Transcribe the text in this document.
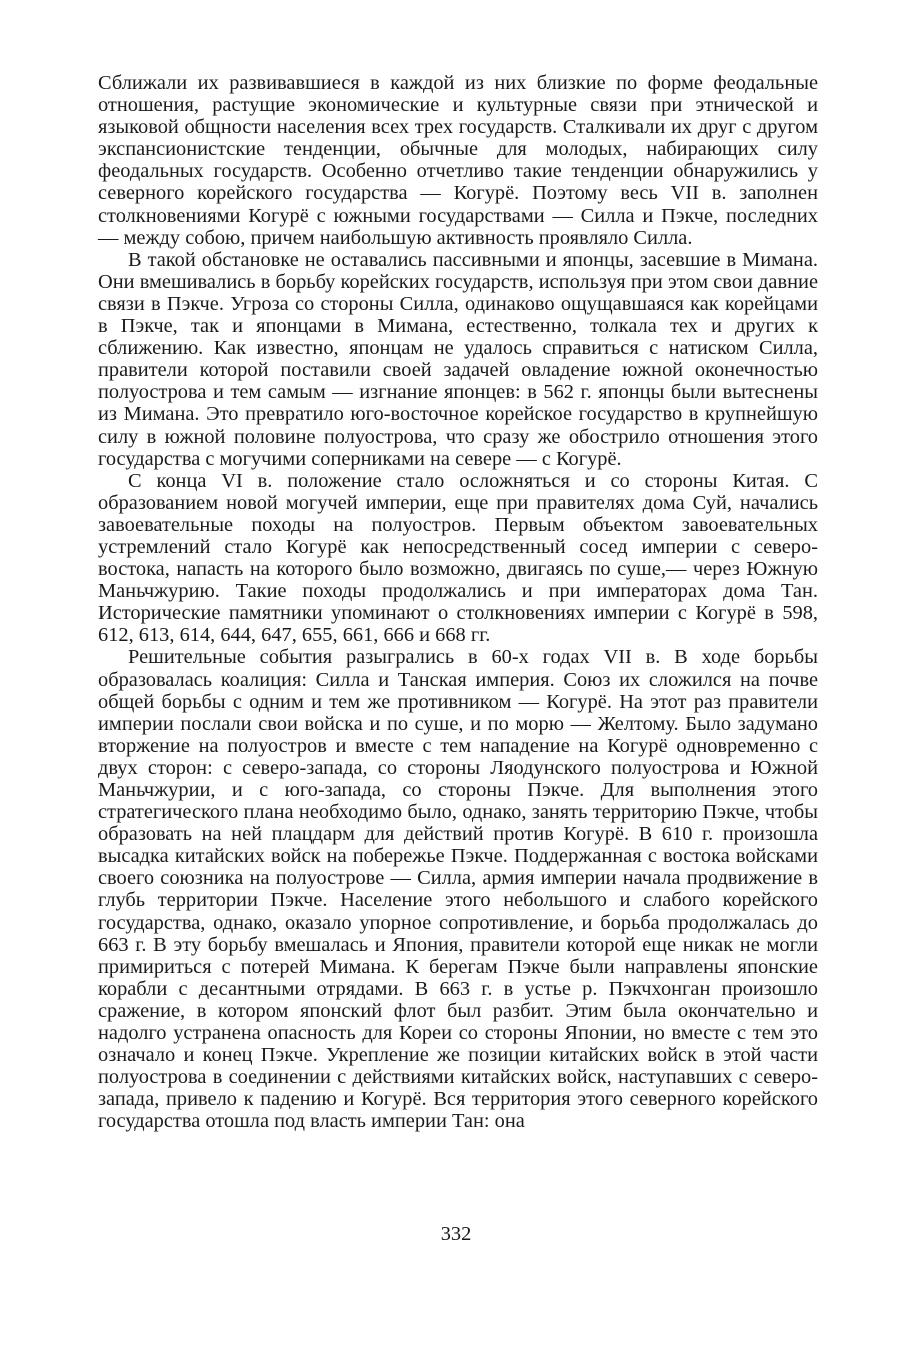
Сближали их развивавшиеся в каждой из них близкие по форме феодальные отношения, растущие экономические и культурные связи при этнической и языковой общности населения всех трех государств. Сталкивали их друг с другом экспансионистские тенденции, обычные для молодых, набирающих силу феодальных государств. Особенно отчетливо такие тенденции обнаружились у северного корейского государства — Когурё. Поэтому весь VII в. заполнен столкновениями Когурё с южными государствами — Силла и Пэкче, последних — между собою, причем наибольшую активность проявляло Силла.

В такой обстановке не оставались пассивными и японцы, засевшие в Мимана. Они вмешивались в борьбу корейских государств, используя при этом свои давние связи в Пэкче. Угроза со стороны Силла, одинаково ощущавшаяся как корейцами в Пэкче, так и японцами в Мимана, естественно, толкала тех и других к сближению. Как известно, японцам не удалось справиться с натиском Силла, правители которой поставили своей задачей овладение южной оконечностью полуострова и тем самым — изгнание японцев: в 562 г. японцы были вытеснены из Мимана. Это превратило юго-восточное корейское государство в крупнейшую силу в южной половине полуострова, что сразу же обострило отношения этого государства с могучими соперниками на севере — с Когурё.

С конца VI в. положение стало осложняться и со стороны Китая. С образованием новой могучей империи, еще при правителях дома Суй, начались завоевательные походы на полуостров. Первым объектом завоевательных устремлений стало Когурё как непосредственный сосед империи с северо-востока, напасть на которого было возможно, двигаясь по суше,— через Южную Маньчжурию. Такие походы продолжались и при императорах дома Тан. Исторические памятники упоминают о столкновениях империи с Когурё в 598, 612, 613, 614, 644, 647, 655, 661, 666 и 668 гг.

Решительные события разыгрались в 60-х годах VII в. В ходе борьбы образовалась коалиция: Силла и Танская империя. Союз их сложился на почве общей борьбы с одним и тем же противником — Когурё. На этот раз правители империи послали свои войска и по суше, и по морю — Желтому. Было задумано вторжение на полуостров и вместе с тем нападение на Когурё одновременно с двух сторон: с северо-запада, со стороны Ляодунского полуострова и Южной Маньчжурии, и с юго-запада, со стороны Пэкче. Для выполнения этого стратегического плана необходимо было, однако, занять территорию Пэкче, чтобы образовать на ней плацдарм для действий против Когурё. В 610 г. произошла высадка китайских войск на побережье Пэкче. Поддержанная с востока войсками своего союзника на полуострове — Силла, армия империи начала продвижение в глубь территории Пэкче. Население этого небольшого и слабого корейского государства, однако, оказало упорное сопротивление, и борьба продолжалась до 663 г. В эту борьбу вмешалась и Япония, правители которой еще никак не могли примириться с потерей Мимана. К берегам Пэкче были направлены японские корабли с десантными отрядами. В 663 г. в устье р. Пэкчхонган произошло сражение, в котором японский флот был разбит. Этим была окончательно и надолго устранена опасность для Кореи со стороны Японии, но вместе с тем это означало и конец Пэкче. Укрепление же позиции китайских войск в этой части полуострова в соединении с действиями китайских войск, наступавших с северо-запада, привело к падению и Когурё. Вся территория этого северного корейского государства отошла под власть империи Тан: она

332
